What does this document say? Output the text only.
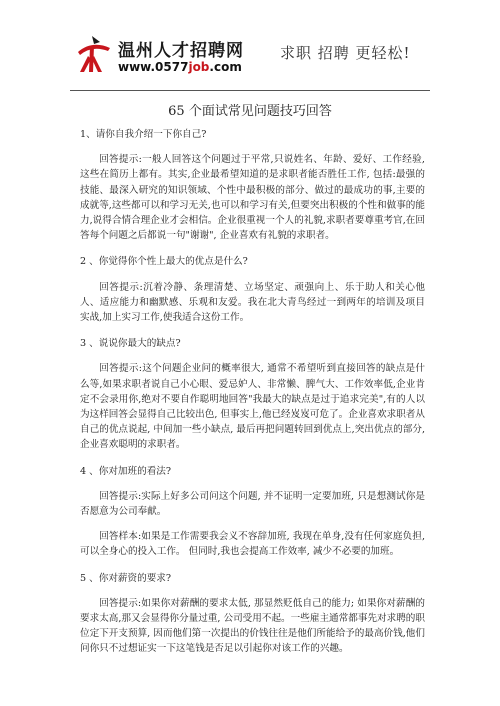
温州人才招聘网
www.0577job.com
求职 招聘 更轻松!
65 个面试常见问题技巧回答
1、请你自我介绍一下你自己?
回答提示:一般人回答这个问题过于平常,只说姓名、年龄、爱好、工作经验,这些在简历上都有。其实,企业最希望知道的是求职者能否胜任工作, 包括:最强的技能、最深入研究的知识领域、个性中最积极的部分、做过的最成功的事,主要的成就等,这些都可以和学习无关,也可以和学习有关,但要突出积极的个性和做事的能力,说得合情合理企业才会相信。企业很重视一个人的礼貌,求职者要尊重考官,在回答每个问题之后都说一句"谢谢", 企业喜欢有礼貌的求职者。
2 、你觉得你个性上最大的优点是什么?
回答提示:沉着冷静、条理清楚、立场坚定、顽强向上、乐于助人和关心他人、适应能力和幽默感、乐观和友爱。我在北大青鸟经过一到两年的培训及项目实战,加上实习工作,使我适合这份工作。
3 、说说你最大的缺点?
回答提示:这个问题企业问的概率很大, 通常不希望听到直接回答的缺点是什么等,如果求职者说自己小心眼、爱忌妒人、非常懒、脾气大、工作效率低,企业肯定不会录用你,绝对不要自作聪明地回答"我最大的缺点是过于追求完美",有的人以为这样回答会显得自己比较出色, 但事实上,他已经岌岌可危了。企业喜欢求职者从自己的优点说起, 中间加一些小缺点, 最后再把问题转回到优点上,突出优点的部分,企业喜欢聪明的求职者。
4 、你对加班的看法?
回答提示:实际上好多公司问这个问题, 并不证明一定要加班, 只是想测试你是否愿意为公司奉献。
回答样本:如果是工作需要我会义不容辞加班, 我现在单身,没有任何家庭负担,可以全身心的投入工作。 但同时,我也会提高工作效率, 减少不必要的加班。
5 、你对薪资的要求?
回答提示:如果你对薪酬的要求太低, 那显然贬低自己的能力; 如果你对薪酬的要求太高,那又会显得你分量过重, 公司受用不起。一些雇主通常都事先对求聘的职位定下开支预算, 因而他们第一次提出的价钱往往是他们所能给予的最高价钱,他们问你只不过想证实一下这笔钱是否足以引起你对该工作的兴趣。
